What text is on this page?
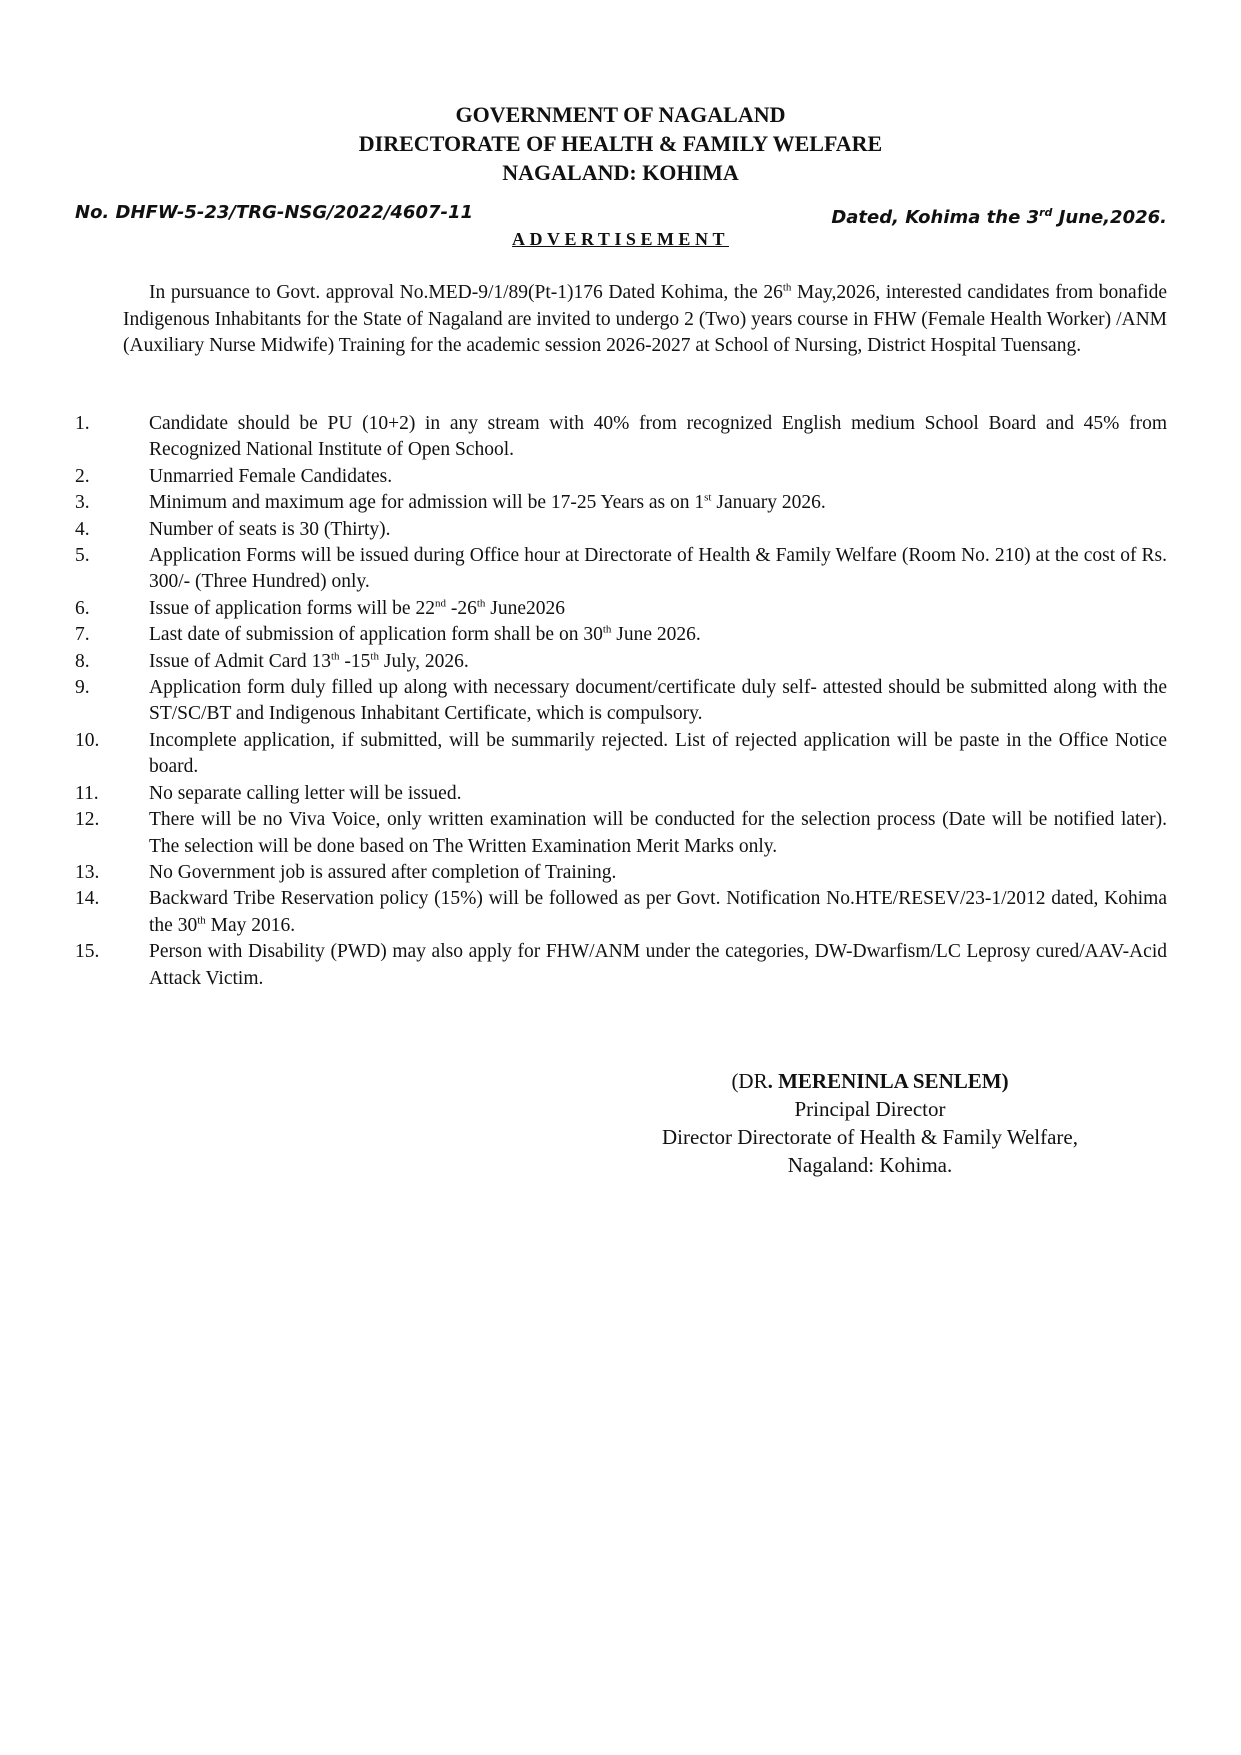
GOVERNMENT OF NAGALAND
DIRECTORATE OF HEALTH & FAMILY WELFARE
NAGALAND: KOHIMA
No. DHFW-5-23/TRG-NSG/2022/4607-11	Dated, Kohima the 3rd June,2026.
ADVERTISEMENT

In pursuance to Govt. approval No.MED-9/1/89(Pt-1)176 Dated Kohima, the 26th May,2026, interested candidates from bonafide Indigenous Inhabitants for the State of Nagaland are invited to undergo 2 (Two) years course in FHW (Female Health Worker) /ANM (Auxiliary Nurse Midwife) Training for the academic session 2026-2027 at School of Nursing, District Hospital Tuensang.

1.	Candidate should be PU (10+2) in any stream with 40% from recognized English medium School Board and 45% from Recognized National Institute of Open School.
2.	Unmarried Female Candidates.
3.	Minimum and maximum age for admission will be 17-25 Years as on 1st January 2026.
4.	Number of seats is 30 (Thirty).
5.	Application Forms will be issued during Office hour at Directorate of Health & Family Welfare (Room No. 210) at the cost of Rs. 300/- (Three Hundred) only.
6.	Issue of application forms will be 22nd -26th June2026
7.	Last date of submission of application form shall be on 30th June 2026.
8.	Issue of Admit Card 13th -15th July, 2026.
9.	Application form duly filled up along with necessary document/certificate duly self- attested should be submitted along with the ST/SC/BT and Indigenous Inhabitant Certificate, which is compulsory.
10.	Incomplete application, if submitted, will be summarily rejected. List of rejected application will be paste in the Office Notice board.
11.	No separate calling letter will be issued.
12.	There will be no Viva Voice, only written examination will be conducted for the selection process (Date will be notified later). The selection will be done based on The Written Examination Merit Marks only.
13.	No Government job is assured after completion of Training.
14.	Backward Tribe Reservation policy (15%) will be followed as per Govt. Notification No.HTE/RESEV/23-1/2012 dated, Kohima the 30th May 2016.
15.	Person with Disability (PWD) may also apply for FHW/ANM under the categories, DW-Dwarfism/LC Leprosy cured/AAV-Acid Attack Victim.
(DR. MERENINLA SENLEM)
Principal Director
Director Directorate of Health & Family Welfare,
Nagaland: Kohima.
